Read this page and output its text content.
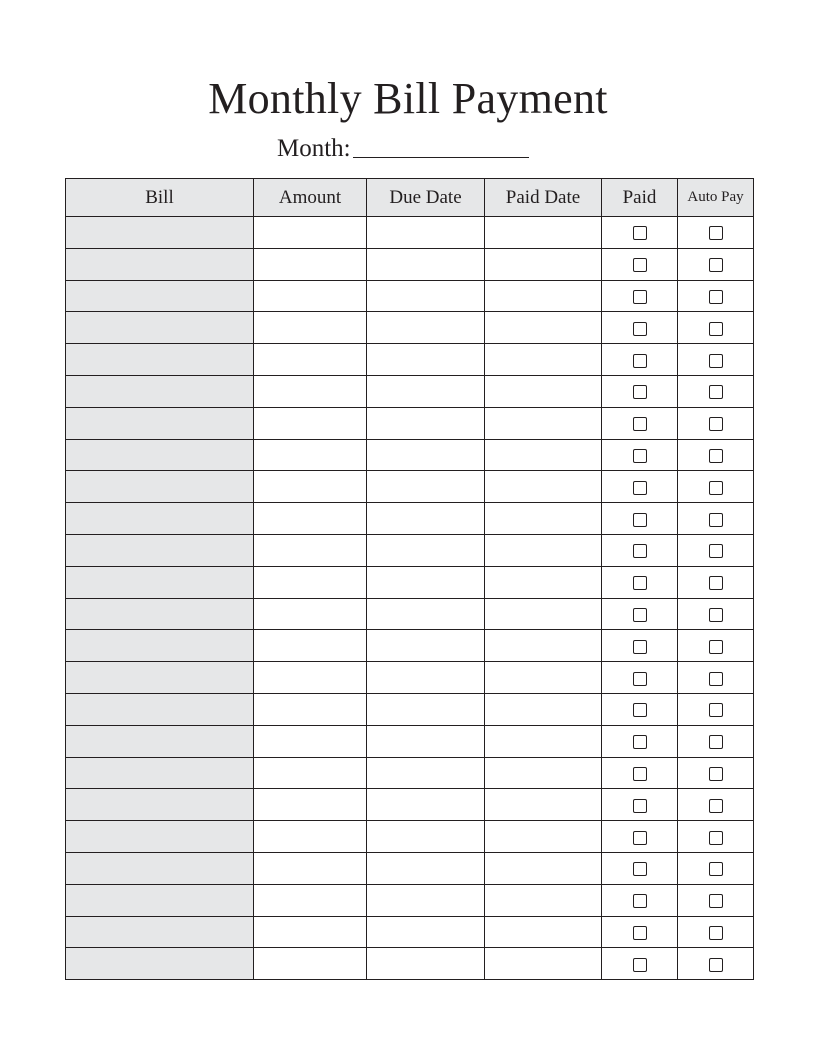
Monthly Bill Payment
Month:
Bill	Amount	Due Date	Paid Date	Paid	Auto Pay
